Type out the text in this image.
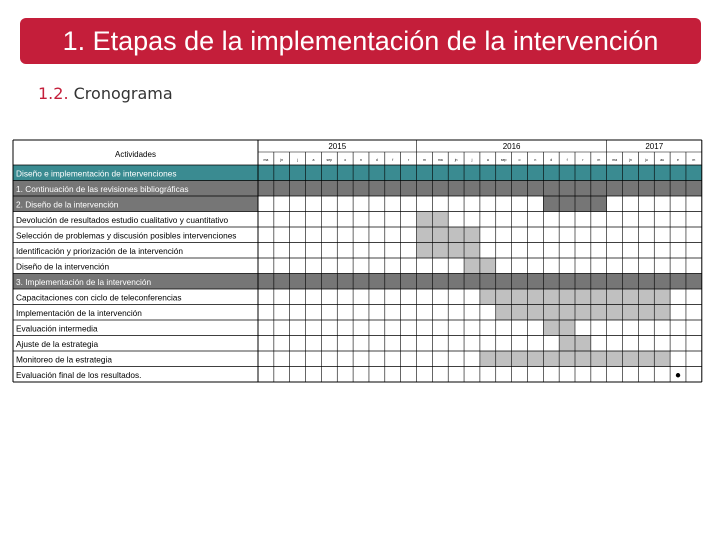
1. Etapas de la implementación de la intervención
1.2. Cronograma
Actividades
2015	2016	2017
ma	jn	j	a	sep	o	n	d	f	r	m	ma	jn	j	a	sep	o	n	d	f	r	m	ma	jn	ju	au	e	m
Diseño e implementación de intervenciones
1. Continuación de las revisiones bibliográficas
2. Diseño de la intervención
Devolución de resultados estudio cualitativo y cuantitativo
Selección de problemas y discusión posibles intervenciones
Identificación y priorización de la intervención
Diseño de la intervención
3. Implementación de la intervención
Capacitaciones con ciclo de teleconferencias
Implementación de la intervención
Evaluación intermedia
Ajuste de la estrategia
Monitoreo de la estrategia
Evaluación final de los resultados.
